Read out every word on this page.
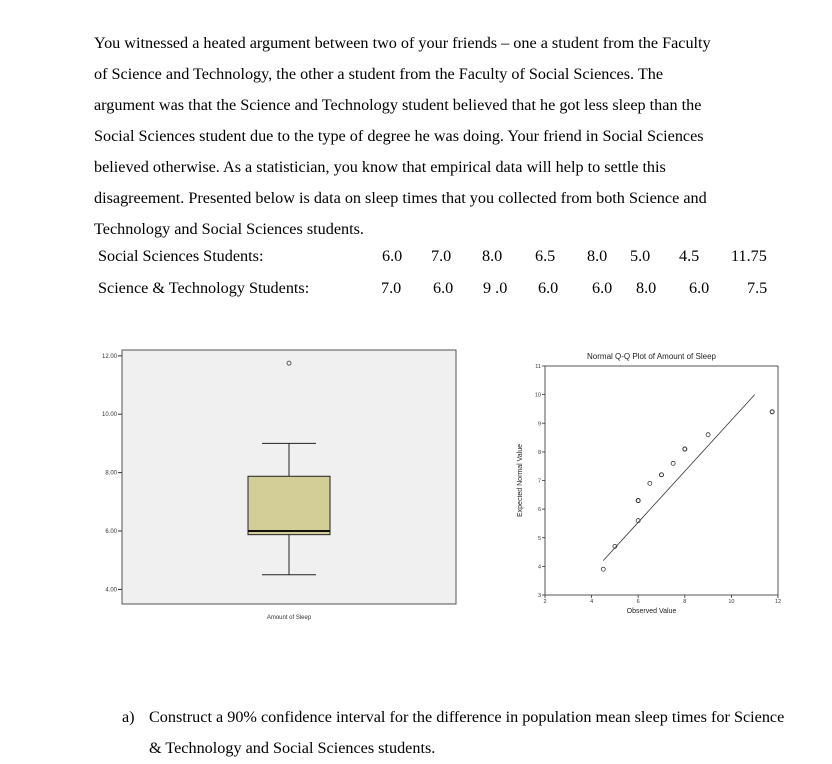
You witnessed a heated argument between two of your friends – one a student from the Faculty

of Science and Technology, the other a student from the Faculty of Social Sciences. The

argument was that the Science and Technology student believed that he got less sleep than the

Social Sciences student due to the type of degree he was doing. Your friend in Social Sciences

believed otherwise. As a statistician, you know that empirical data will help to settle this

disagreement. Presented below is data on sleep times that you collected from both Science and

Technology and Social Sciences students.

Social Sciences Students:	6.0 7.0 8.0 6.5 8.0 5.0 4.5 11.75
Science & Technology Students:	7.0 6.0 9 .0 6.0 6.0 8.0 6.0 7.5
4.00
6.00
8.00
10.00
12.00
Amount of Sleep
Normal Q-Q Plot of Amount of Sleep
2	4	6	8	10	12
3
4
5
6
7
8
9
10
11
Observed Value
Expected Normal Value
a) Construct a 90% confidence interval for the difference in population mean sleep times for Science & Technology and Social Sciences students.
